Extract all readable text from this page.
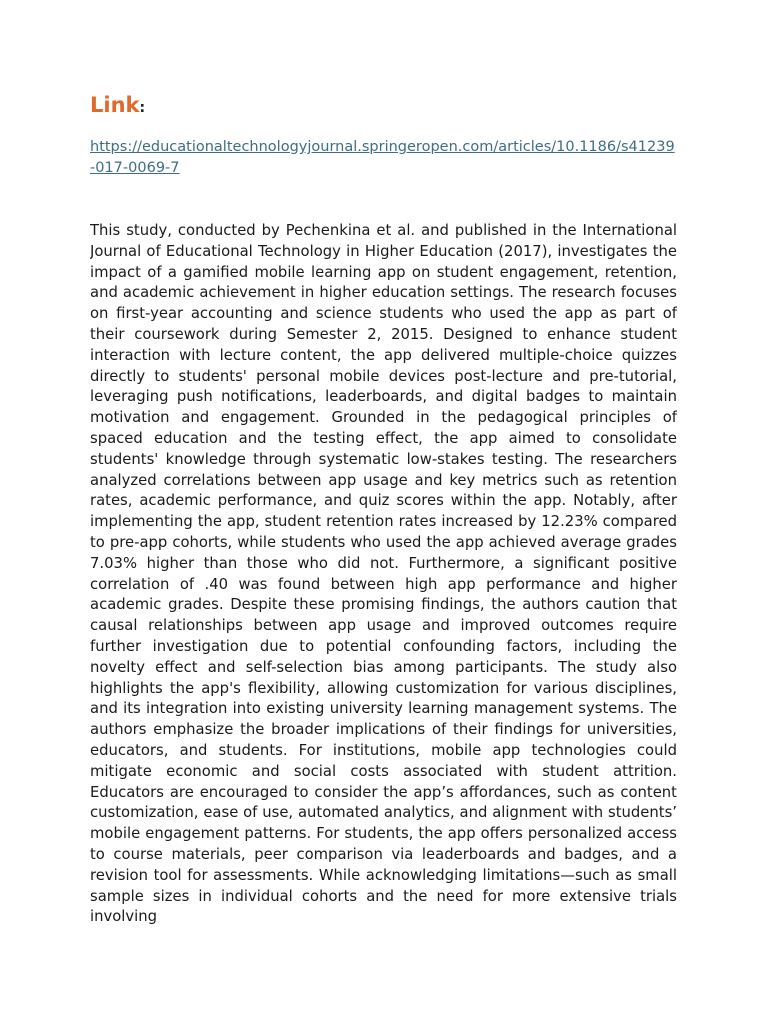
Link:
https://educationaltechnologyjournal.springeropen.com/articles/10.1186/s41239-017-0069-7

This study, conducted by Pechenkina et al. and published in the International Journal of Educational Technology in Higher Education (2017), investigates the impact of a gamified mobile learning app on student engagement, retention, and academic achievement in higher education settings. The research focuses on first-year accounting and science students who used the app as part of their coursework during Semester 2, 2015. Designed to enhance student interaction with lecture content, the app delivered multiple-choice quizzes directly to students' personal mobile devices post-lecture and pre-tutorial, leveraging push notifications, leaderboards, and digital badges to maintain motivation and engagement. Grounded in the pedagogical principles of spaced education and the testing effect, the app aimed to consolidate students' knowledge through systematic low-stakes testing. The researchers analyzed correlations between app usage and key metrics such as retention rates, academic performance, and quiz scores within the app. Notably, after implementing the app, student retention rates increased by 12.23% compared to pre-app cohorts, while students who used the app achieved average grades 7.03% higher than those who did not. Furthermore, a significant positive correlation of .40 was found between high app performance and higher academic grades. Despite these promising findings, the authors caution that causal relationships between app usage and improved outcomes require further investigation due to potential confounding factors, including the novelty effect and self-selection bias among participants. The study also highlights the app's flexibility, allowing customization for various disciplines, and its integration into existing university learning management systems. The authors emphasize the broader implications of their findings for universities, educators, and students. For institutions, mobile app technologies could mitigate economic and social costs associated with student attrition. Educators are encouraged to consider the app’s affordances, such as content customization, ease of use, automated analytics, and alignment with students’ mobile engagement patterns. For students, the app offers personalized access to course materials, peer comparison via leaderboards and badges, and a revision tool for assessments. While acknowledging limitations—such as small sample sizes in individual cohorts and the need for more extensive trials involving
